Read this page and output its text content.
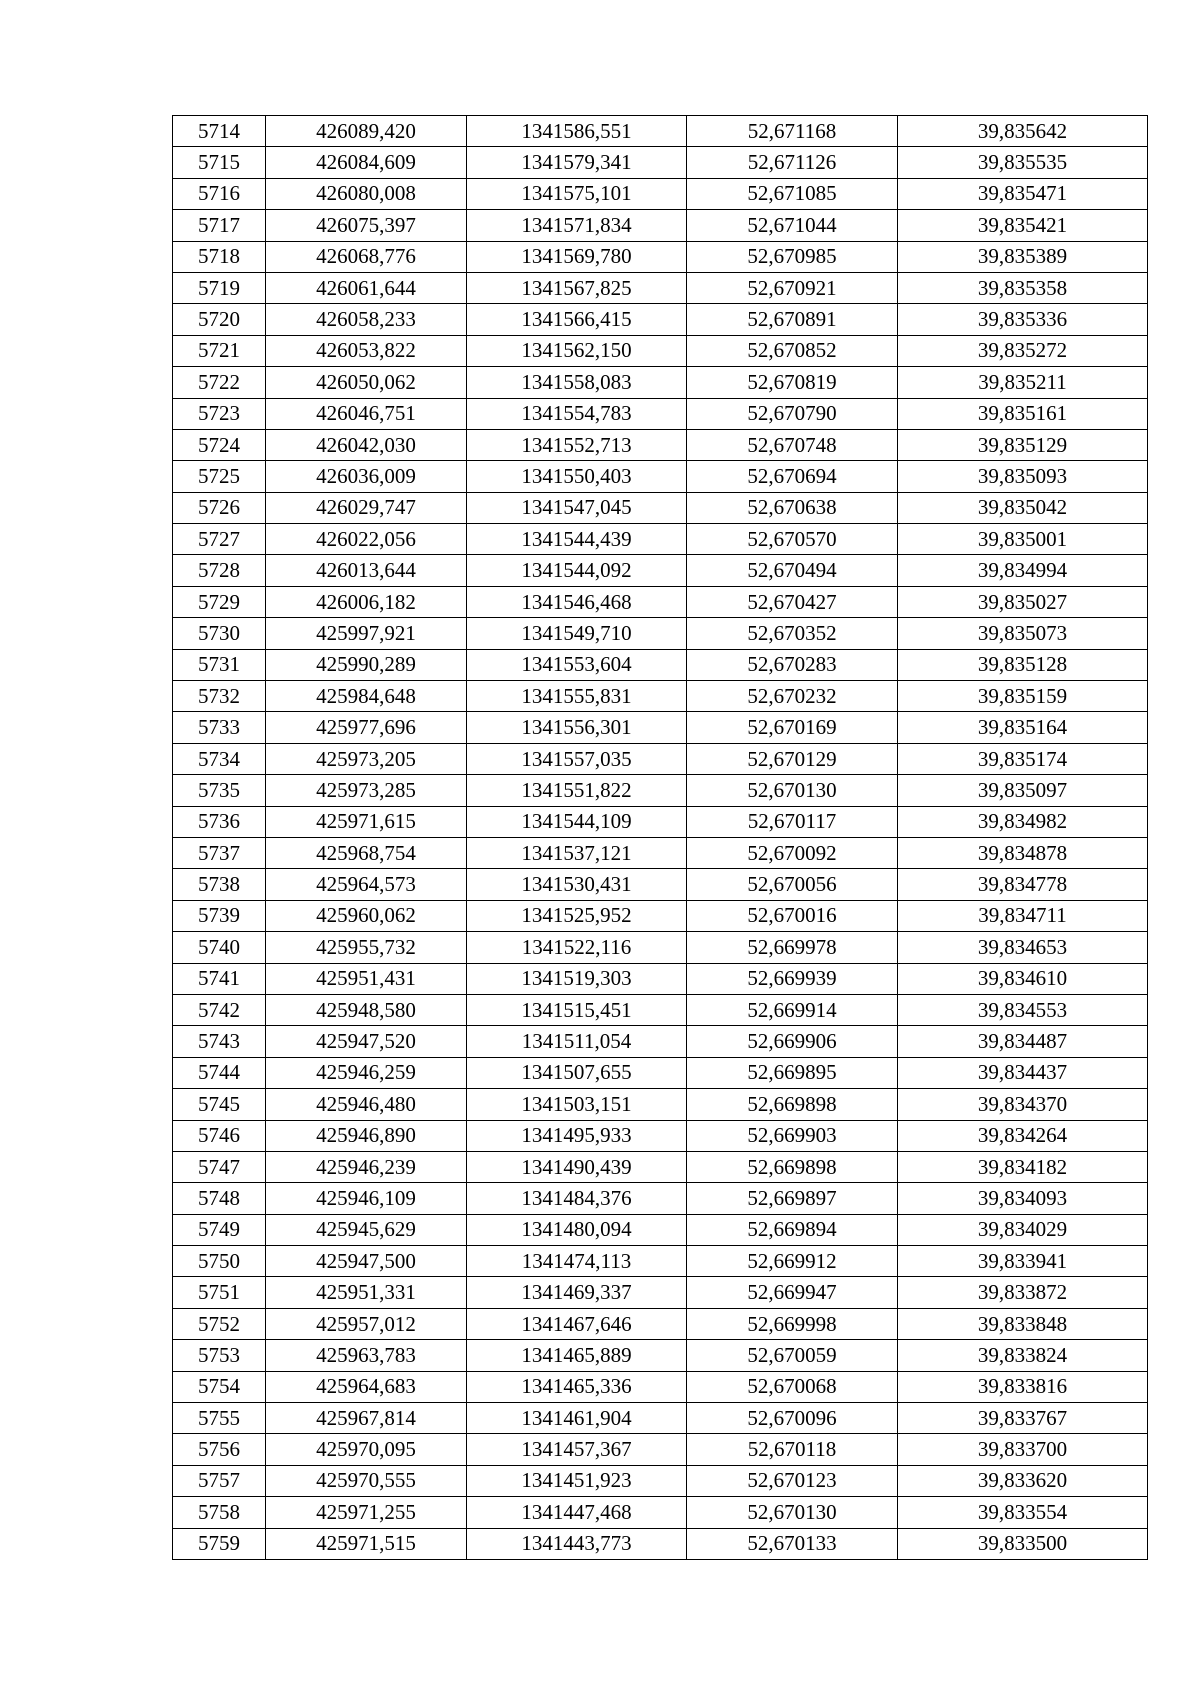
5714	426089,420	1341586,551	52,671168	39,835642
5715	426084,609	1341579,341	52,671126	39,835535
5716	426080,008	1341575,101	52,671085	39,835471
5717	426075,397	1341571,834	52,671044	39,835421
5718	426068,776	1341569,780	52,670985	39,835389
5719	426061,644	1341567,825	52,670921	39,835358
5720	426058,233	1341566,415	52,670891	39,835336
5721	426053,822	1341562,150	52,670852	39,835272
5722	426050,062	1341558,083	52,670819	39,835211
5723	426046,751	1341554,783	52,670790	39,835161
5724	426042,030	1341552,713	52,670748	39,835129
5725	426036,009	1341550,403	52,670694	39,835093
5726	426029,747	1341547,045	52,670638	39,835042
5727	426022,056	1341544,439	52,670570	39,835001
5728	426013,644	1341544,092	52,670494	39,834994
5729	426006,182	1341546,468	52,670427	39,835027
5730	425997,921	1341549,710	52,670352	39,835073
5731	425990,289	1341553,604	52,670283	39,835128
5732	425984,648	1341555,831	52,670232	39,835159
5733	425977,696	1341556,301	52,670169	39,835164
5734	425973,205	1341557,035	52,670129	39,835174
5735	425973,285	1341551,822	52,670130	39,835097
5736	425971,615	1341544,109	52,670117	39,834982
5737	425968,754	1341537,121	52,670092	39,834878
5738	425964,573	1341530,431	52,670056	39,834778
5739	425960,062	1341525,952	52,670016	39,834711
5740	425955,732	1341522,116	52,669978	39,834653
5741	425951,431	1341519,303	52,669939	39,834610
5742	425948,580	1341515,451	52,669914	39,834553
5743	425947,520	1341511,054	52,669906	39,834487
5744	425946,259	1341507,655	52,669895	39,834437
5745	425946,480	1341503,151	52,669898	39,834370
5746	425946,890	1341495,933	52,669903	39,834264
5747	425946,239	1341490,439	52,669898	39,834182
5748	425946,109	1341484,376	52,669897	39,834093
5749	425945,629	1341480,094	52,669894	39,834029
5750	425947,500	1341474,113	52,669912	39,833941
5751	425951,331	1341469,337	52,669947	39,833872
5752	425957,012	1341467,646	52,669998	39,833848
5753	425963,783	1341465,889	52,670059	39,833824
5754	425964,683	1341465,336	52,670068	39,833816
5755	425967,814	1341461,904	52,670096	39,833767
5756	425970,095	1341457,367	52,670118	39,833700
5757	425970,555	1341451,923	52,670123	39,833620
5758	425971,255	1341447,468	52,670130	39,833554
5759	425971,515	1341443,773	52,670133	39,833500
